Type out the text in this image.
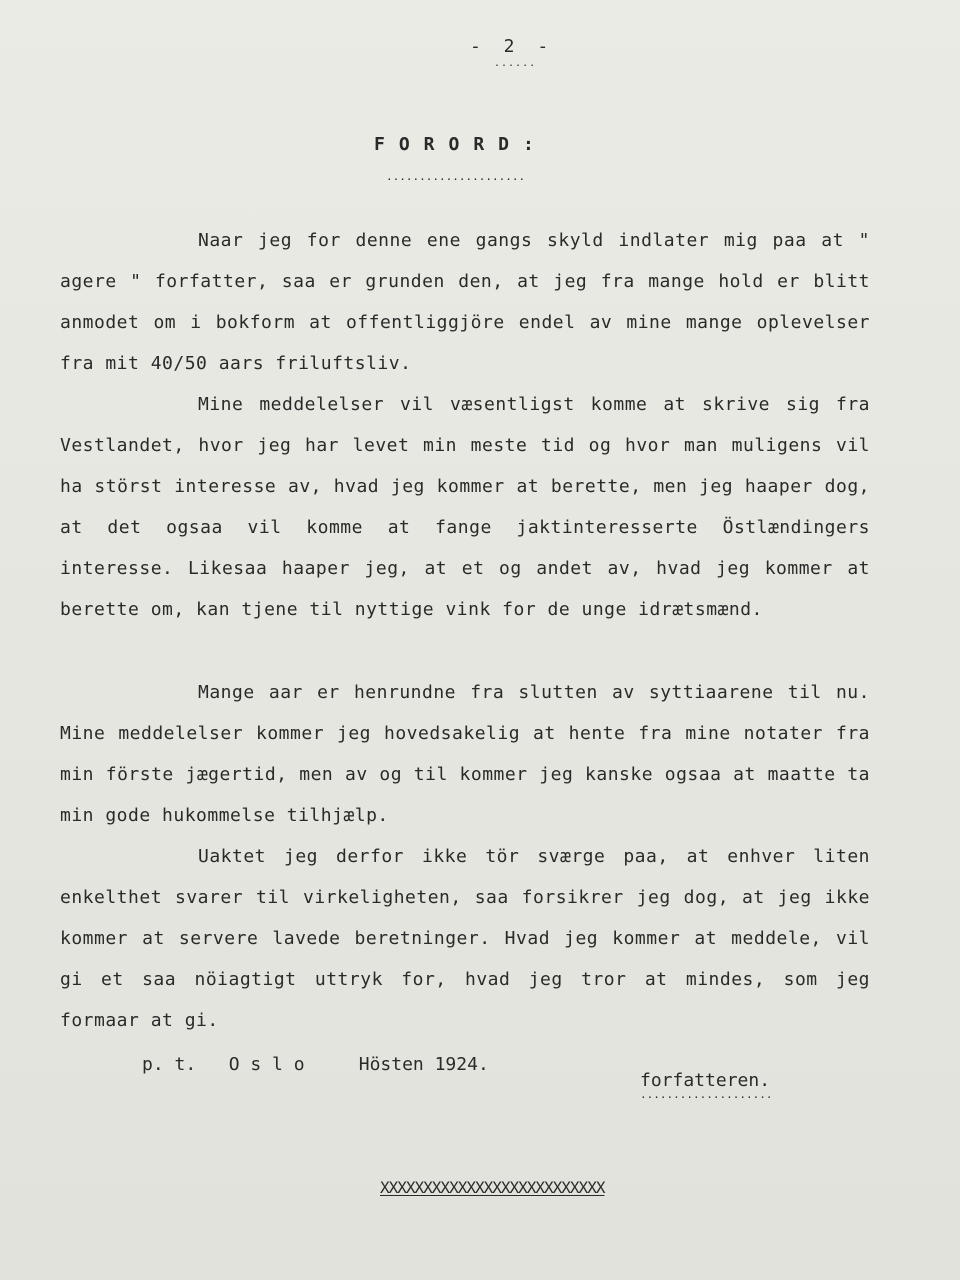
- 2 -
......
FORORD:
.....................
Naar jeg for denne ene gangs skyld indlater mig paa at " agere " forfatter, saa er grunden den, at jeg fra mange hold er blitt anmodet om i bokform at offentliggjöre endel av mine mange oplevelser fra mit 40/50 aars friluftsliv.
Mine meddelelser vil væsentligst komme at skrive sig fra Vestlandet, hvor jeg har levet min meste tid og hvor man muligens vil ha störst interesse av, hvad jeg kommer at berette, men jeg haaper dog, at det ogsaa vil komme at fange jaktinteresserte Östlændingers interesse. Likesaa haaper jeg, at et og andet av, hvad jeg kommer at berette om, kan tjene til nyttige vink for de unge idrætsmænd.
Mange aar er henrundne fra slutten av syttiaarene til nu. Mine meddelelser kommer jeg hovedsakelig at hente fra mine notater fra min förste jægertid, men av og til kommer jeg kanske ogsaa at maatte ta min gode hukommelse tilhjælp.
Uaktet jeg derfor ikke tör sværge paa, at enhver liten enkelthet svarer til virkeligheten, saa forsikrer jeg dog, at jeg ikke kommer at servere lavede beretninger. Hvad jeg kommer at meddele, vil gi et saa nöiagtigt uttryk for, hvad jeg tror at mindes, som jeg formaar at gi.
p. t.   O s l o     Hösten 1924.
forfatteren.
....................
XXXXXXXXXXXXXXXXXXXXXXXXXX
